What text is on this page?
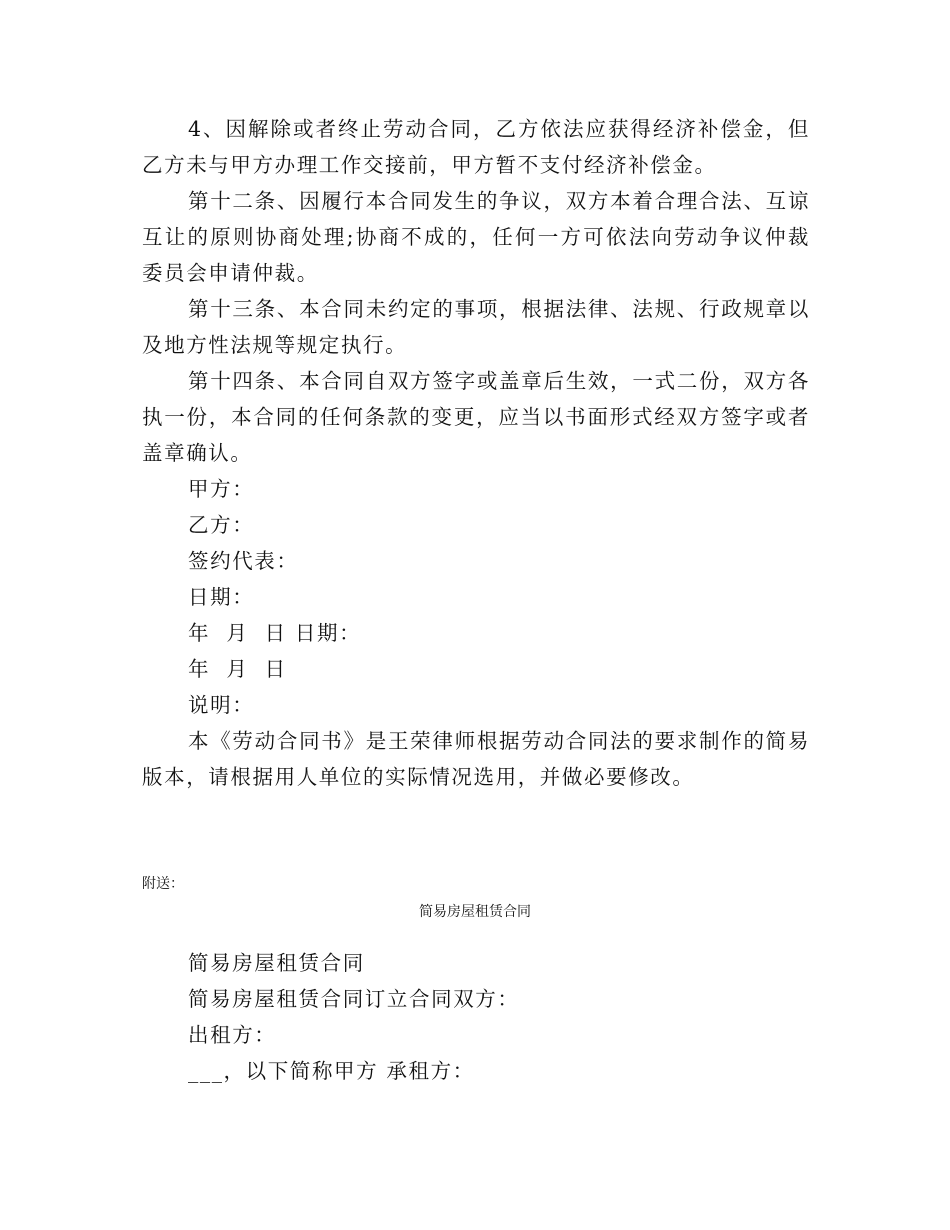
4、因解除或者终止劳动合同，乙方依法应获得经济补偿金，但乙方未与甲方办理工作交接前，甲方暂不支付经济补偿金。

第十二条、因履行本合同发生的争议，双方本着合理合法、互谅互让的原则协商处理;协商不成的，任何一方可依法向劳动争议仲裁委员会申请仲裁。

第十三条、本合同未约定的事项，根据法律、法规、行政规章以及地方性法规等规定执行。

第十四条、本合同自双方签字或盖章后生效，一式二份，双方各执一份，本合同的任何条款的变更，应当以书面形式经双方签字或者盖章确认。

甲方：

乙方：

签约代表：

日期：

年  月  日 日期：

年  月  日

说明：

本《劳动合同书》是王荣律师根据劳动合同法的要求制作的简易版本，请根据用人单位的实际情况选用，并做必要修改。

附送：

简易房屋租赁合同

简易房屋租赁合同

简易房屋租赁合同订立合同双方：

出租方：

___，以下简称甲方 承租方：
